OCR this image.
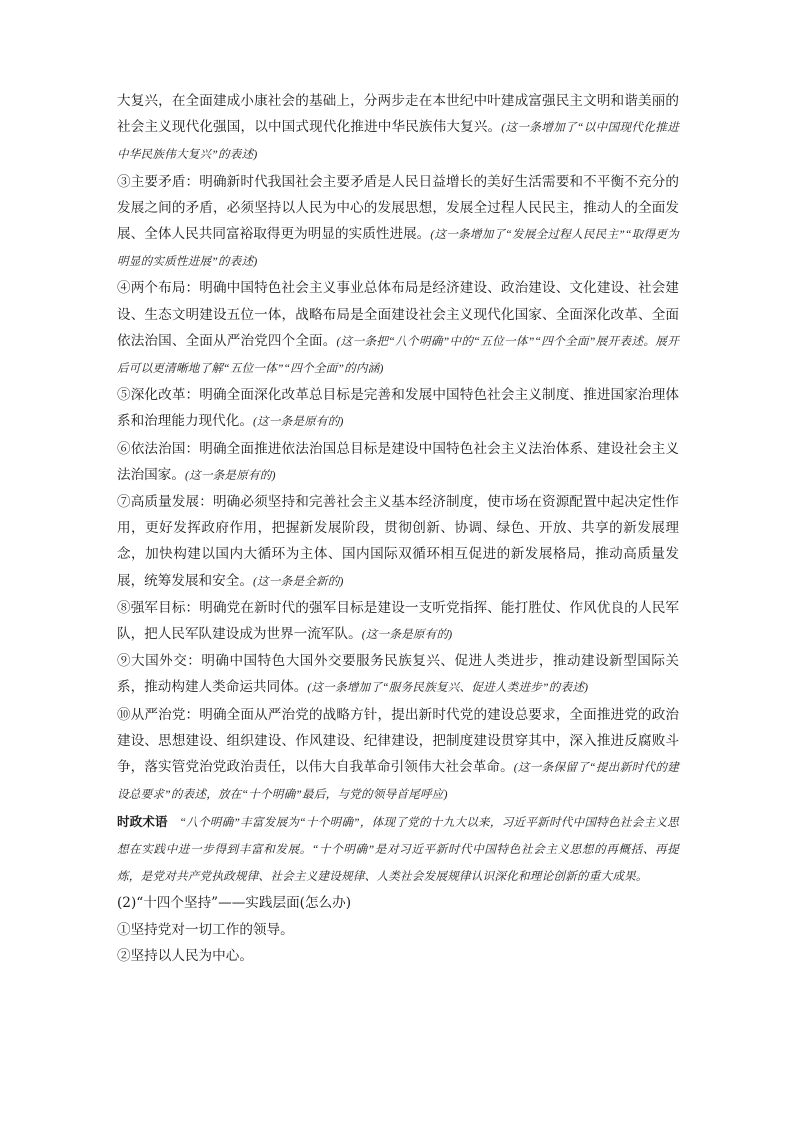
大复兴，在全面建成小康社会的基础上，分两步走在本世纪中叶建成富强民主文明和谐美丽的社会主义现代化强国，以中国式现代化推进中华民族伟大复兴。(这一条增加了“以中国现代化推进中华民族伟大复兴”的表述)

③主要矛盾：明确新时代我国社会主要矛盾是人民日益增长的美好生活需要和不平衡不充分的发展之间的矛盾，必须坚持以人民为中心的发展思想，发展全过程人民民主，推动人的全面发展、全体人民共同富裕取得更为明显的实质性进展。(这一条增加了“发展全过程人民民主”“取得更为明显的实质性进展”的表述)

④两个布局：明确中国特色社会主义事业总体布局是经济建设、政治建设、文化建设、社会建设、生态文明建设五位一体，战略布局是全面建设社会主义现代化国家、全面深化改革、全面依法治国、全面从严治党四个全面。(这一条把“八个明确”中的“五位一体”“四个全面”展开表述。展开后可以更清晰地了解“五位一体”“四个全面”的内涵)

⑤深化改革：明确全面深化改革总目标是完善和发展中国特色社会主义制度、推进国家治理体系和治理能力现代化。(这一条是原有的)

⑥依法治国：明确全面推进依法治国总目标是建设中国特色社会主义法治体系、建设社会主义法治国家。(这一条是原有的)

⑦高质量发展：明确必须坚持和完善社会主义基本经济制度，使市场在资源配置中起决定性作用，更好发挥政府作用，把握新发展阶段，贯彻创新、协调、绿色、开放、共享的新发展理念，加快构建以国内大循环为主体、国内国际双循环相互促进的新发展格局，推动高质量发展，统筹发展和安全。(这一条是全新的)

⑧强军目标：明确党在新时代的强军目标是建设一支听党指挥、能打胜仗、作风优良的人民军队，把人民军队建设成为世界一流军队。(这一条是原有的)

⑨大国外交：明确中国特色大国外交要服务民族复兴、促进人类进步，推动建设新型国际关系，推动构建人类命运共同体。(这一条增加了“服务民族复兴、促进人类进步”的表述)

⑩从严治党：明确全面从严治党的战略方针，提出新时代党的建设总要求，全面推进党的政治建设、思想建设、组织建设、作风建设、纪律建设，把制度建设贯穿其中，深入推进反腐败斗争，落实管党治党政治责任，以伟大自我革命引领伟大社会革命。(这一条保留了“提出新时代的建设总要求”的表述，放在“十个明确”最后，与党的领导首尾呼应)

时政术语 “八个明确”丰富发展为“十个明确”，体现了党的十九大以来，习近平新时代中国特色社会主义思想在实践中进一步得到丰富和发展。“十个明确”是对习近平新时代中国特色社会主义思想的再概括、再提炼，是党对共产党执政规律、社会主义建设规律、人类社会发展规律认识深化和理论创新的重大成果。

(2)“十四个坚持”——实践层面(怎么办)

①坚持党对一切工作的领导。

②坚持以人民为中心。
